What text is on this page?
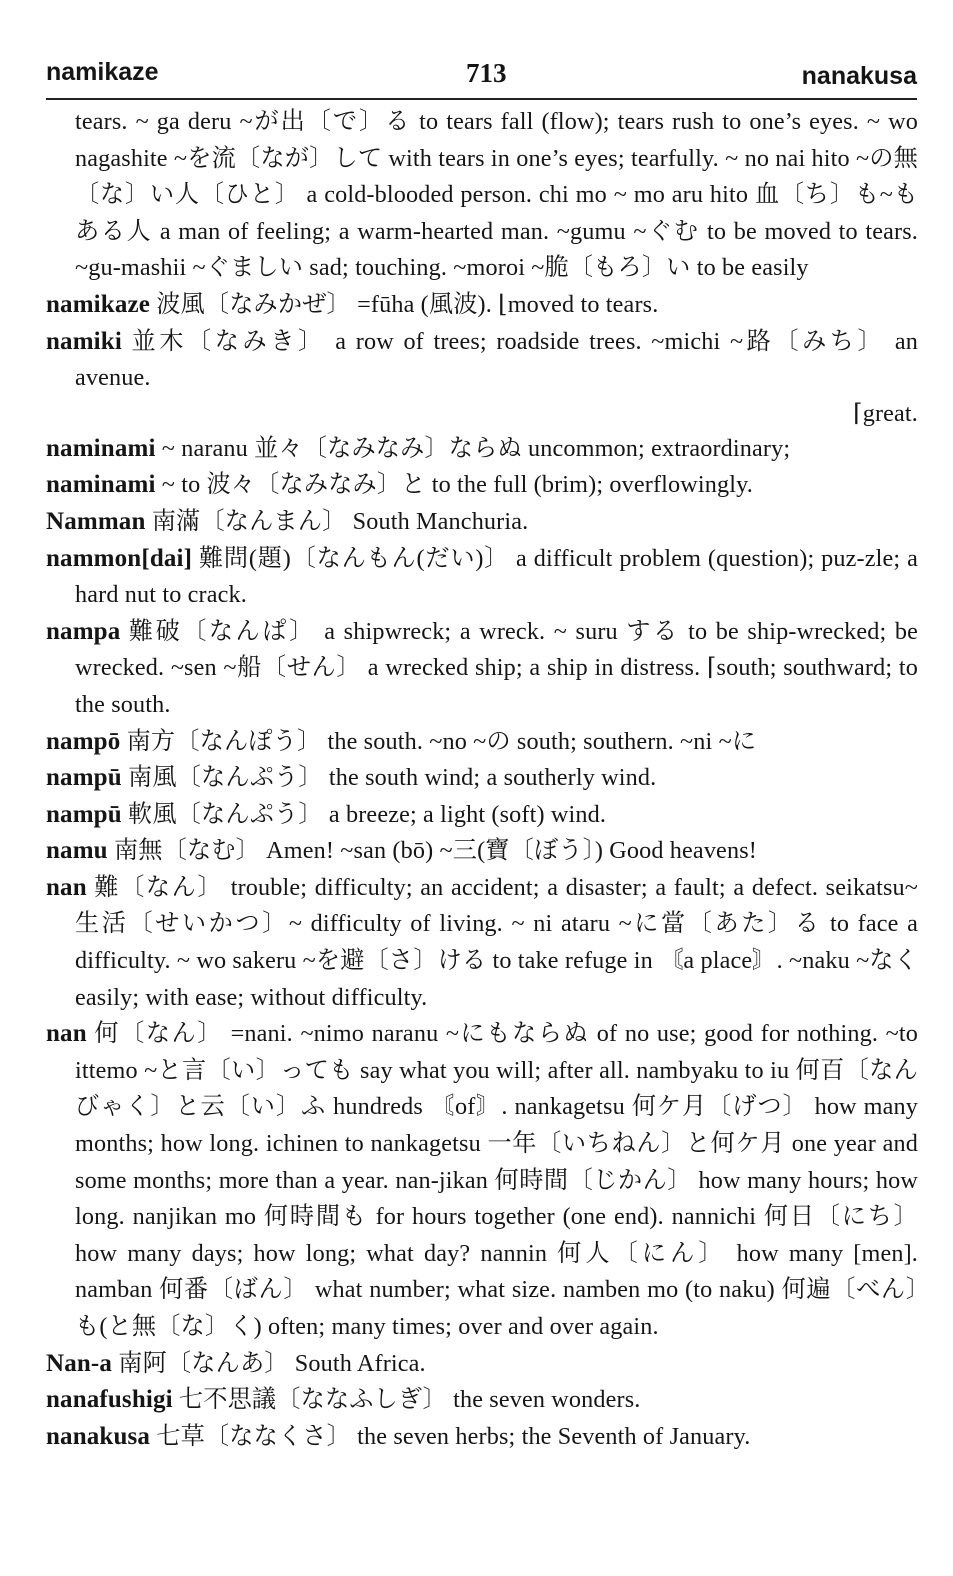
namikaze	713	nanakusa

tears. ~ ga deru ~が出〔で〕る to tears fall (flow); tears rush to one’s eyes. ~ wo nagashite ~を流〔なが〕して with tears in one’s eyes; tearfully. ~ no nai hito ~の無〔な〕い人〔ひと〕 a cold-blooded person. chi mo ~ mo aru hito 血〔ち〕も~もある人 a man of feeling; a warm-hearted man. ~gumu ~ぐむ to be moved to tears. ~gu-mashii ~ぐましい sad; touching. ~moroi ~脆〔もろ〕い to be easily

namikaze 波風〔なみかぜ〕 =fūha (風波). ⌊moved to tears.

namiki 並木〔なみき〕 a row of trees; roadside trees. ~michi ~路〔みち〕 an avenue.

⌈great.

naminami ~ naranu 並々〔なみなみ〕ならぬ uncommon; extraordinary;

naminami ~ to 波々〔なみなみ〕と to the full (brim); overflowingly.

Namman 南滿〔なんまん〕 South Manchuria.

nammon[dai] 難問(題)〔なんもん(だい)〕 a difficult problem (question); puz-zle; a hard nut to crack.

nampa 難破〔なんぱ〕 a shipwreck; a wreck. ~ suru する to be ship-wrecked; be wrecked. ~sen ~船〔せん〕 a wrecked ship; a ship in distress. ⌈south; southward; to the south.

nampō 南方〔なんぽう〕 the south. ~no ~の south; southern. ~ni ~に

nampū 南風〔なんぷう〕 the south wind; a southerly wind.

nampū 軟風〔なんぷう〕 a breeze; a light (soft) wind.

namu 南無〔なむ〕 Amen! ~san (bō) ~三(寶〔ぼう〕) Good heavens!

nan 難〔なん〕 trouble; difficulty; an accident; a disaster; a fault; a defect. seikatsu~ 生活〔せいかつ〕~ difficulty of living. ~ ni ataru ~に當〔あた〕る to face a difficulty. ~ wo sakeru ~を避〔さ〕ける to take refuge in 〘a place〙. ~naku ~なく easily; with ease; without difficulty.

nan 何〔なん〕 =nani. ~nimo naranu ~にもならぬ of no use; good for nothing. ~to ittemo ~と言〔い〕っても say what you will; after all. nambyaku to iu 何百〔なんびゃく〕と云〔い〕ふ hundreds 〘of〙. nankagetsu 何ケ月〔げつ〕 how many months; how long. ichinen to nankagetsu 一年〔いちねん〕と何ケ月 one year and some months; more than a year. nan-jikan 何時間〔じかん〕 how many hours; how long. nanjikan mo 何時間も for hours together (one end). nannichi 何日〔にち〕 how many days; how long; what day? nannin 何人〔にん〕 how many [men]. namban 何番〔ばん〕 what number; what size. namben mo (to naku) 何遍〔べん〕も(と無〔な〕く) often; many times; over and over again.

Nan-a 南阿〔なんあ〕 South Africa.

nanafushigi 七不思議〔ななふしぎ〕 the seven wonders.

nanakusa 七草〔ななくさ〕 the seven herbs; the Seventh of January.
